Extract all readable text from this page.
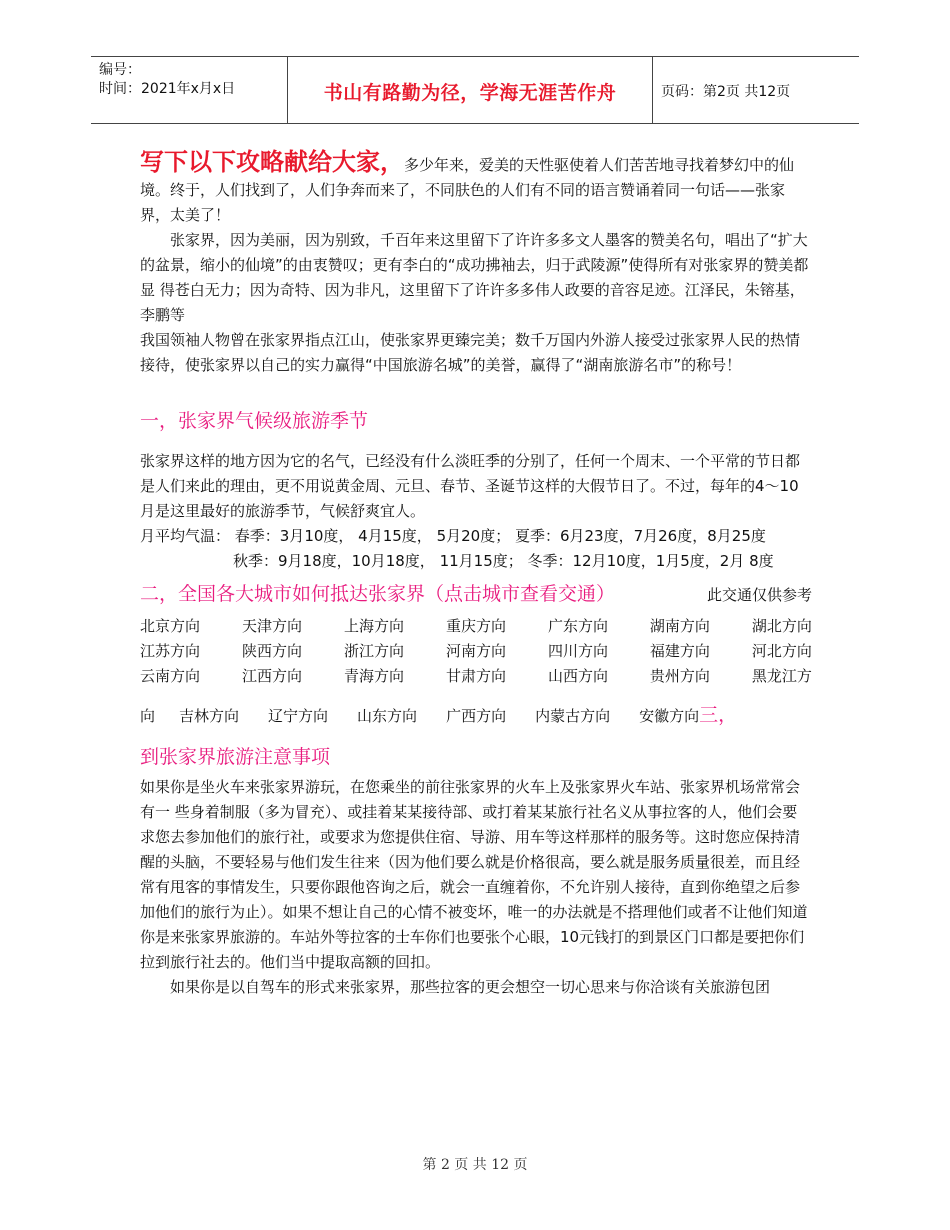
编号：
时间：2021年x月x日	书山有路勤为径，学海无涯苦作舟	页码：第2页 共12页

写下以下攻略献给大家，多少年来，爱美的天性驱使着人们苦苦地寻找着梦幻中的仙境。终于，人们找到了，人们争奔而来了，不同肤色的人们有不同的语言赞诵着同一句话——张家界，太美了！

张家界，因为美丽，因为别致，千百年来这里留下了许许多多文人墨客的赞美名句，唱出了“扩大的盆景，缩小的仙境”的由衷赞叹；更有李白的“成功拂袖去，归于武陵源”使得所有对张家界的赞美都显 得苍白无力；因为奇特、因为非凡，这里留下了许许多多伟人政要的音容足迹。江泽民，朱镕基，李鹏等

我国领袖人物曾在张家界指点江山，使张家界更臻完美；数千万国内外游人接受过张家界人民的热情接待，使张家界以自己的实力赢得“中国旅游名城”的美誉，赢得了“湖南旅游名市”的称号！

一，张家界气候级旅游季节

张家界这样的地方因为它的名气，已经没有什么淡旺季的分别了，任何一个周末、一个平常的节日都 是人们来此的理由，更不用说黄金周、元旦、春节、圣诞节这样的大假节日了。不过，每年的4～10月是这里最好的旅游季节，气候舒爽宜人。

月平均气温： 春季：3月10度， 4月15度， 5月20度； 夏季：6月23度，7月26度，8月25度

秋季：9月18度，10月18度， 11月15度； 冬季：12月10度，1月5度，2月 8度

二，全国各大城市如何抵达张家界（点击城市查看交通）	此交通仅供参考
北京方向	天津方向	上海方向	重庆方向	广东方向	湖南方向	湖北方向
江苏方向	陕西方向	浙江方向	河南方向	四川方向	福建方向	河北方向
云南方向	江西方向	青海方向	甘肃方向	山西方向	贵州方向	黑龙江方
向 吉林方向 辽宁方向 山东方向 广西方向 内蒙古方向 安徽方向 三，

到张家界旅游注意事项

如果你是坐火车来张家界游玩，在您乘坐的前往张家界的火车上及张家界火车站、张家界机场常常会有一 些身着制服（多为冒充）、或挂着某某接待部、或打着某某旅行社名义从事拉客的人，他们会要求您去参加他们的旅行社，或要求为您提供住宿、导游、用车等这样那样的服务等。这时您应保持清醒的头脑，不要轻易与他们发生往来（因为他们要么就是价格很高，要么就是服务质量很差，而且经常有甩客的事情发生，只要你跟他咨询之后，就会一直缠着你，不允许别人接待，直到你绝望之后参加他们的旅行为止）。如果不想让自己的心情不被变坏，唯一的办法就是不搭理他们或者不让他们知道你是来张家界旅游的。车站外等拉客的士车你们也要张个心眼，10元钱打的到景区门口都是要把你们拉到旅行社去的。他们当中提取高额的回扣。

如果你是以自驾车的形式来张家界，那些拉客的更会想空一切心思来与你洽谈有关旅游包团

第 2 页 共 12 页
